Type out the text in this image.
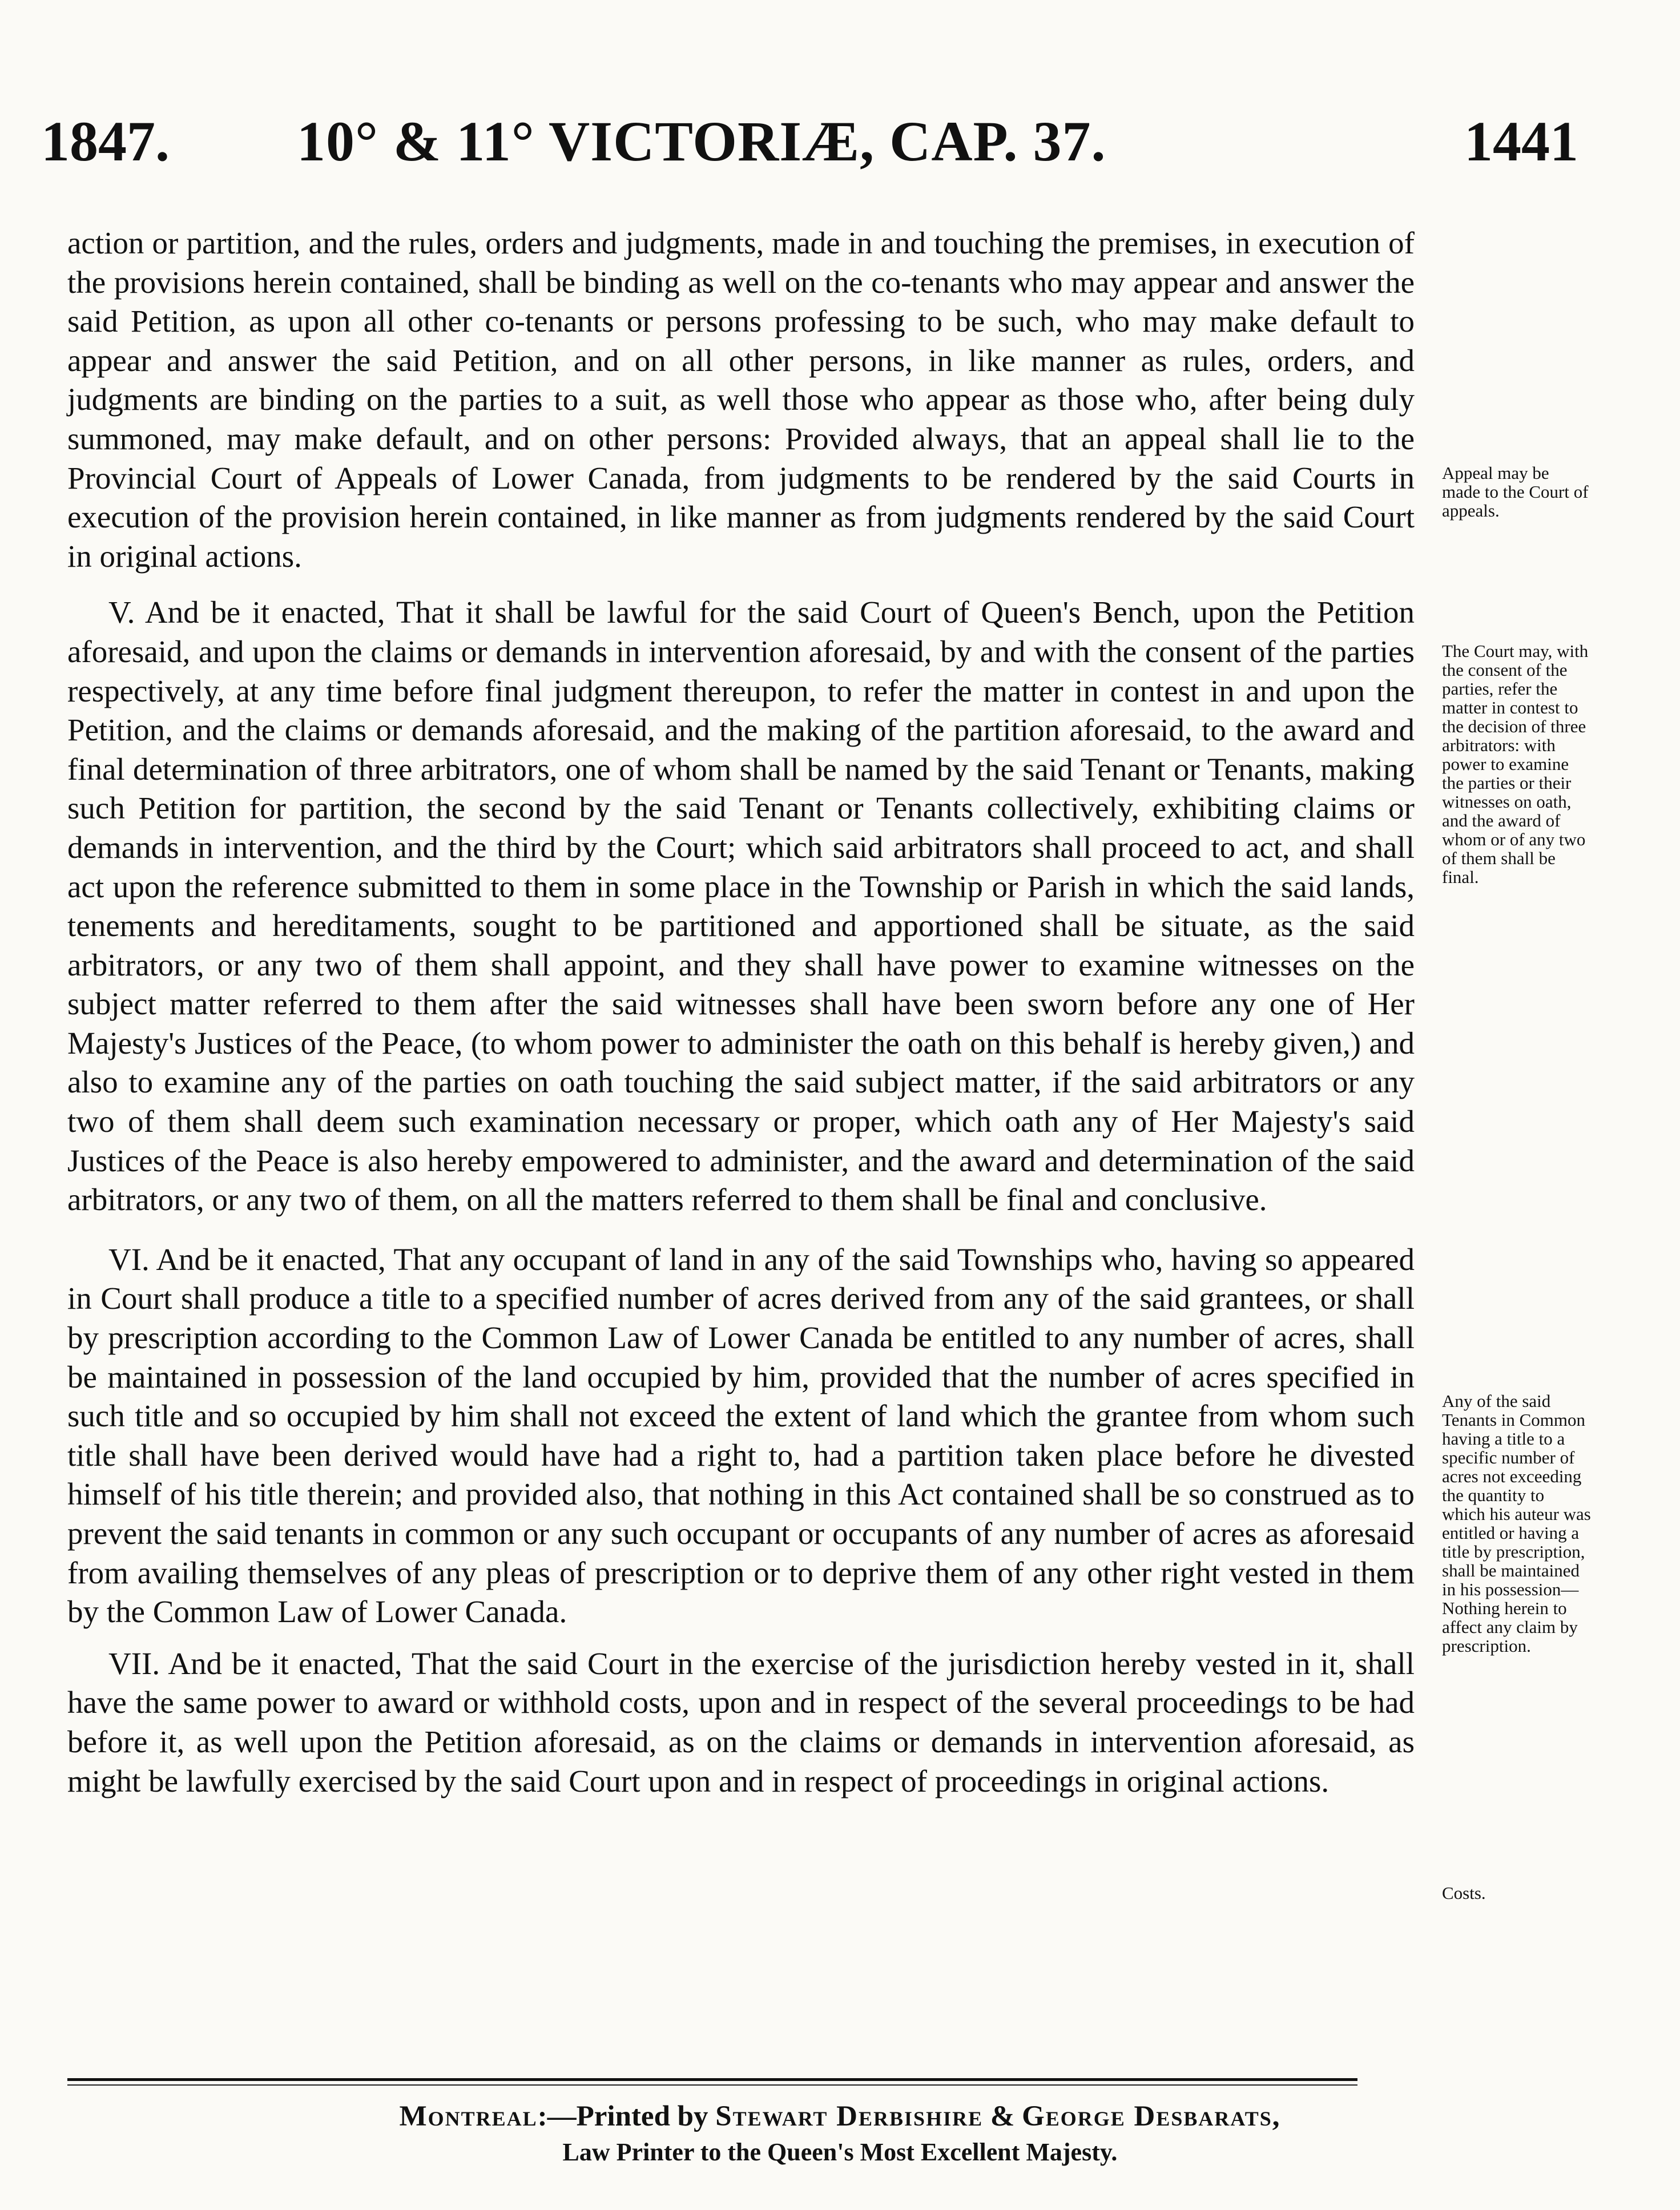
1847. 10° & 11° VICTORIÆ, CAP. 37.	1441

action or partition, and the rules, orders and judgments, made in and touching the premises, in execution of the provisions herein contained, shall be binding as well on the co-tenants who may appear and answer the said Petition, as upon all other co-tenants or persons professing to be such, who may make default to appear and answer the said Petition, and on all other persons, in like manner as rules, orders, and judgments are binding on the parties to a suit, as well those who appear as those who, after being duly summoned, may make default, and on other persons: Provided always, that an appeal shall lie to the Provincial Court of Appeals of Lower Canada, from judgments to be rendered by the said Courts in execution of the provision herein contained, in like manner as from judgments rendered by the said Court in original actions.

V. And be it enacted, That it shall be lawful for the said Court of Queen's Bench, upon the Petition aforesaid, and upon the claims or demands in intervention aforesaid, by and with the consent of the parties respectively, at any time before final judgment thereupon, to refer the matter in contest in and upon the Petition, and the claims or demands aforesaid, and the making of the partition aforesaid, to the award and final determination of three arbitrators, one of whom shall be named by the said Tenant or Tenants, making such Petition for partition, the second by the said Tenant or Tenants collectively, exhibiting claims or demands in intervention, and the third by the Court; which said arbitrators shall proceed to act, and shall act upon the reference submitted to them in some place in the Township or Parish in which the said lands, tenements and hereditaments, sought to be partitioned and apportioned shall be situate, as the said arbitrators, or any two of them shall appoint, and they shall have power to examine witnesses on the subject matter referred to them after the said witnesses shall have been sworn before any one of Her Majesty's Justices of the Peace, (to whom power to administer the oath on this behalf is hereby given,) and also to examine any of the parties on oath touching the said subject matter, if the said arbitrators or any two of them shall deem such examination necessary or proper, which oath any of Her Majesty's said Justices of the Peace is also hereby empowered to administer, and the award and determination of the said arbitrators, or any two of them, on all the matters referred to them shall be final and conclusive.

VI. And be it enacted, That any occupant of land in any of the said Townships who, having so appeared in Court shall produce a title to a specified number of acres derived from any of the said grantees, or shall by prescription according to the Common Law of Lower Canada be entitled to any number of acres, shall be maintained in possession of the land occupied by him, provided that the number of acres specified in such title and so occupied by him shall not exceed the extent of land which the grantee from whom such title shall have been derived would have had a right to, had a partition taken place before he divested himself of his title therein; and provided also, that nothing in this Act contained shall be so construed as to prevent the said tenants in common or any such occupant or occupants of any number of acres as aforesaid from availing themselves of any pleas of prescription or to deprive them of any other right vested in them by the Common Law of Lower Canada.

VII. And be it enacted, That the said Court in the exercise of the jurisdiction hereby vested in it, shall have the same power to award or withhold costs, upon and in respect of the several proceedings to be had before it, as well upon the Petition aforesaid, as on the claims or demands in intervention aforesaid, as might be lawfully exercised by the said Court upon and in respect of proceedings in original actions.

Appeal may be made to the Court of appeals.
The Court may, with the consent of the parties, refer the matter in contest to the decision of three arbitrators: with power to examine the parties or their witnesses on oath, and the award of whom or of any two of them shall be final.
Any of the said Tenants in Common having a title to a specific number of acres not exceeding the quantity to which his auteur was entitled or having a title by prescription, shall be maintained in his possession—Nothing herein to affect any claim by prescription.
Costs.
Montreal:—Printed by Stewart Derbishire & George Desbarats,
Law Printer to the Queen's Most Excellent Majesty.
